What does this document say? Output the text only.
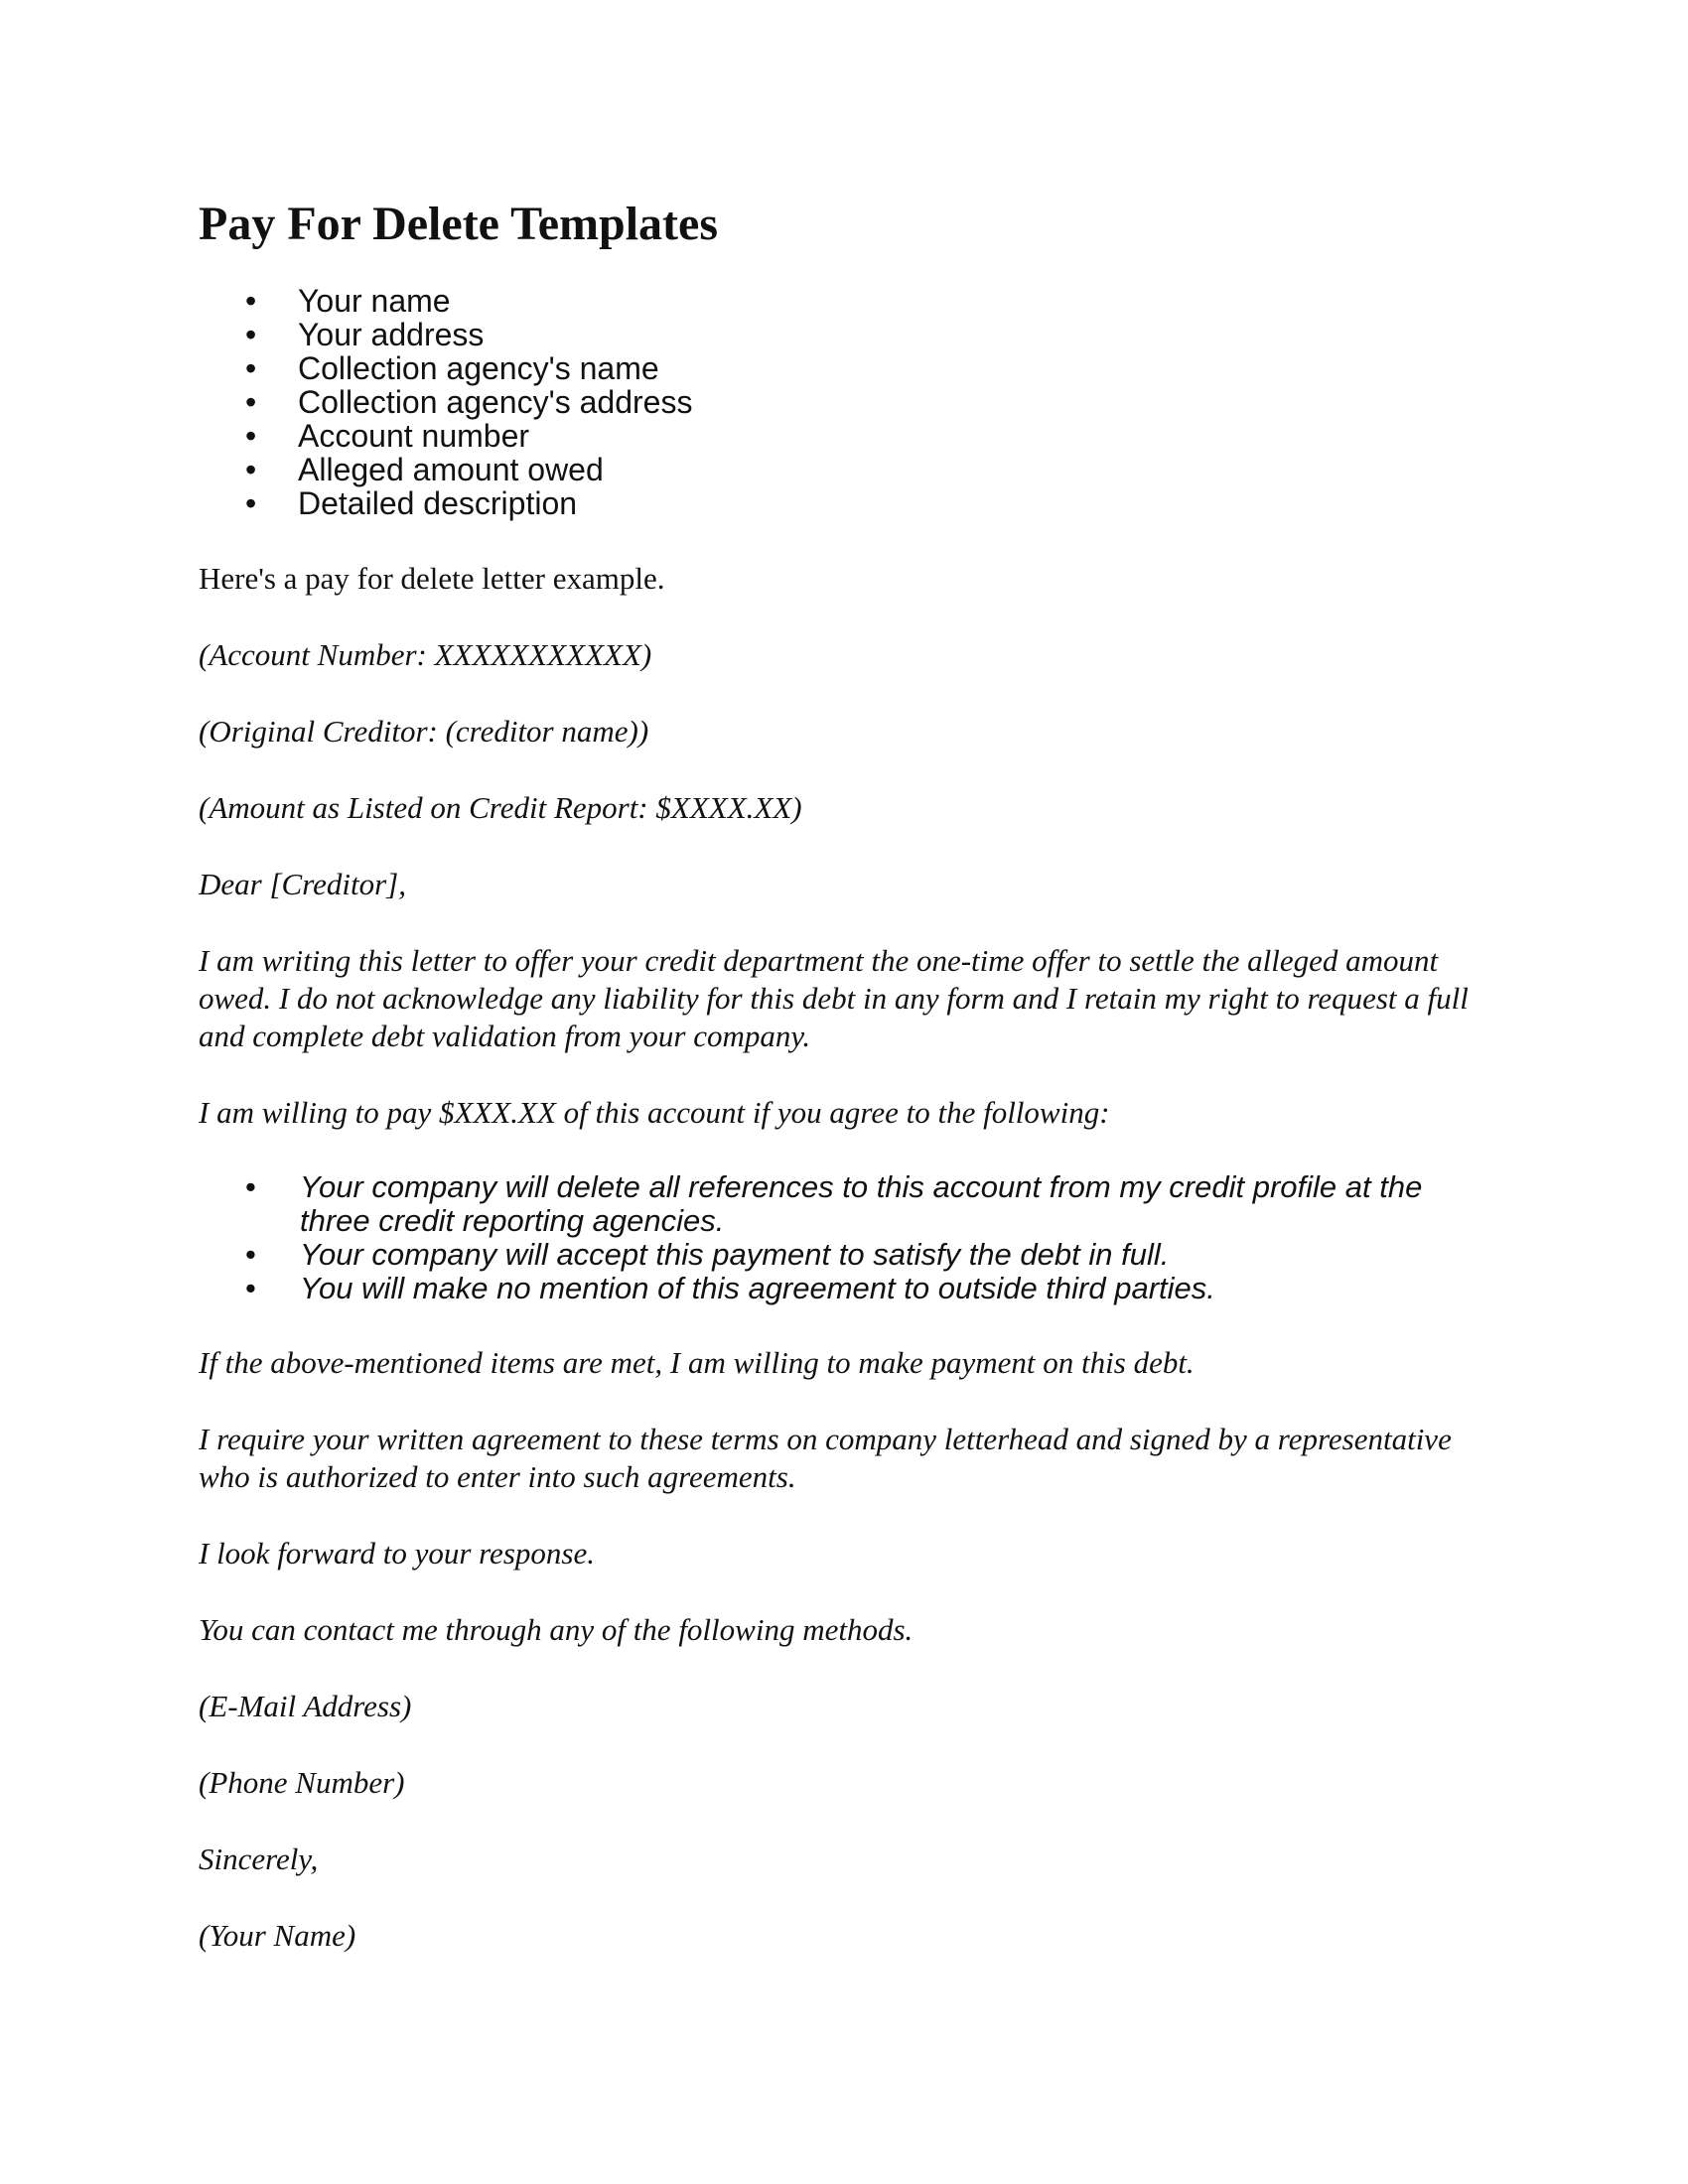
Pay For Delete Templates
• Your name
• Your address
• Collection agency's name
• Collection agency's address
• Account number
• Alleged amount owed
• Detailed description

Here's a pay for delete letter example.

(Account Number: XXXXXXXXXXX)

(Original Creditor: (creditor name))

(Amount as Listed on Credit Report: $XXXX.XX)

Dear [Creditor],

I am writing this letter to offer your credit department the one-time offer to settle the alleged amount owed. I do not acknowledge any liability for this debt in any form and I retain my right to request a full and complete debt validation from your company.

I am willing to pay $XXX.XX of this account if you agree to the following:

• Your company will delete all references to this account from my credit profile at the three credit reporting agencies.
• Your company will accept this payment to satisfy the debt in full.
• You will make no mention of this agreement to outside third parties.

If the above-mentioned items are met, I am willing to make payment on this debt.

I require your written agreement to these terms on company letterhead and signed by a representative who is authorized to enter into such agreements.

I look forward to your response.

You can contact me through any of the following methods.

(E-Mail Address)

(Phone Number)

Sincerely,

(Your Name)
